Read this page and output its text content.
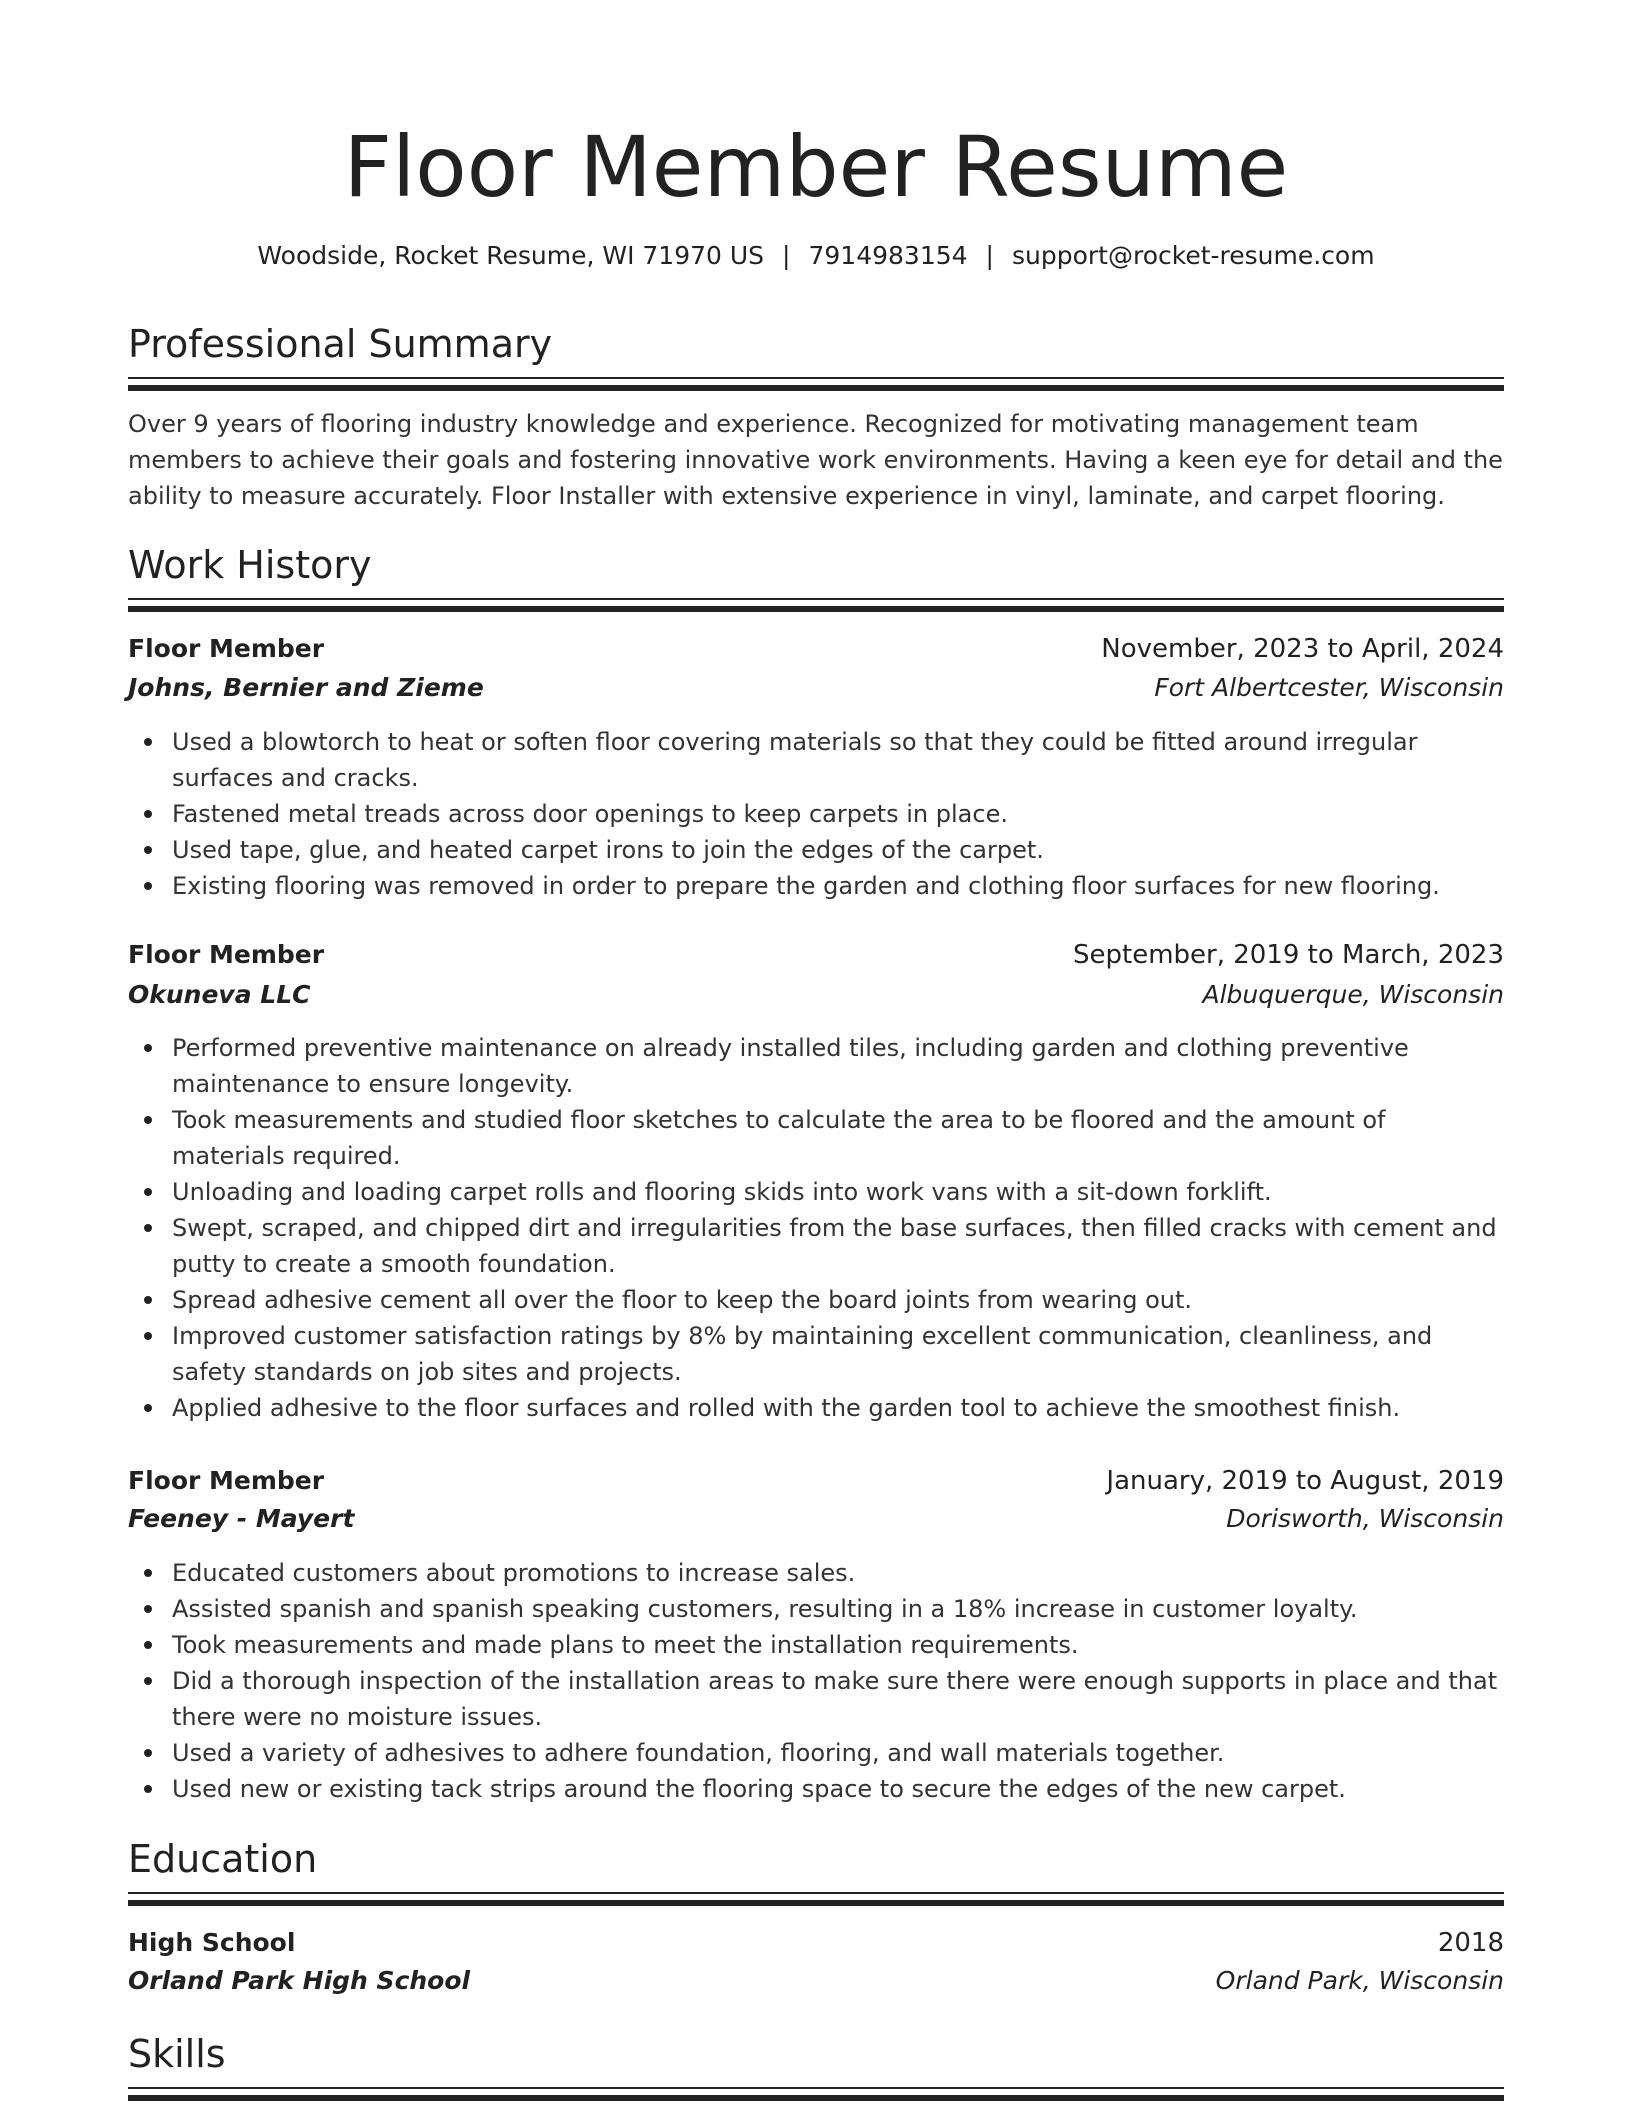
Floor Member Resume
Woodside, Rocket Resume, WI 71970 US | 7914983154 | support@rocket-resume.com
Professional Summary
Over 9 years of flooring industry knowledge and experience. Recognized for motivating management team members to achieve their goals and fostering innovative work environments. Having a keen eye for detail and the ability to measure accurately. Floor Installer with extensive experience in vinyl, laminate, and carpet flooring.
Work History
Floor Member	November, 2023 to April, 2024
Johns, Bernier and Zieme	Fort Albertcester, Wisconsin
Used a blowtorch to heat or soften floor covering materials so that they could be fitted around irregular surfaces and cracks.
Fastened metal treads across door openings to keep carpets in place.
Used tape, glue, and heated carpet irons to join the edges of the carpet.
Existing flooring was removed in order to prepare the garden and clothing floor surfaces for new flooring.
Floor Member	September, 2019 to March, 2023
Okuneva LLC	Albuquerque, Wisconsin
Performed preventive maintenance on already installed tiles, including garden and clothing preventive maintenance to ensure longevity.
Took measurements and studied floor sketches to calculate the area to be floored and the amount of materials required.
Unloading and loading carpet rolls and flooring skids into work vans with a sit-down forklift.
Swept, scraped, and chipped dirt and irregularities from the base surfaces, then filled cracks with cement and putty to create a smooth foundation.
Spread adhesive cement all over the floor to keep the board joints from wearing out.
Improved customer satisfaction ratings by 8% by maintaining excellent communication, cleanliness, and safety standards on job sites and projects.
Applied adhesive to the floor surfaces and rolled with the garden tool to achieve the smoothest finish.
Floor Member	January, 2019 to August, 2019
Feeney - Mayert	Dorisworth, Wisconsin
Educated customers about promotions to increase sales.
Assisted spanish and spanish speaking customers, resulting in a 18% increase in customer loyalty.
Took measurements and made plans to meet the installation requirements.
Did a thorough inspection of the installation areas to make sure there were enough supports in place and that there were no moisture issues.
Used a variety of adhesives to adhere foundation, flooring, and wall materials together.
Used new or existing tack strips around the flooring space to secure the edges of the new carpet.
Education
High School	2018
Orland Park High School	Orland Park, Wisconsin
Skills
